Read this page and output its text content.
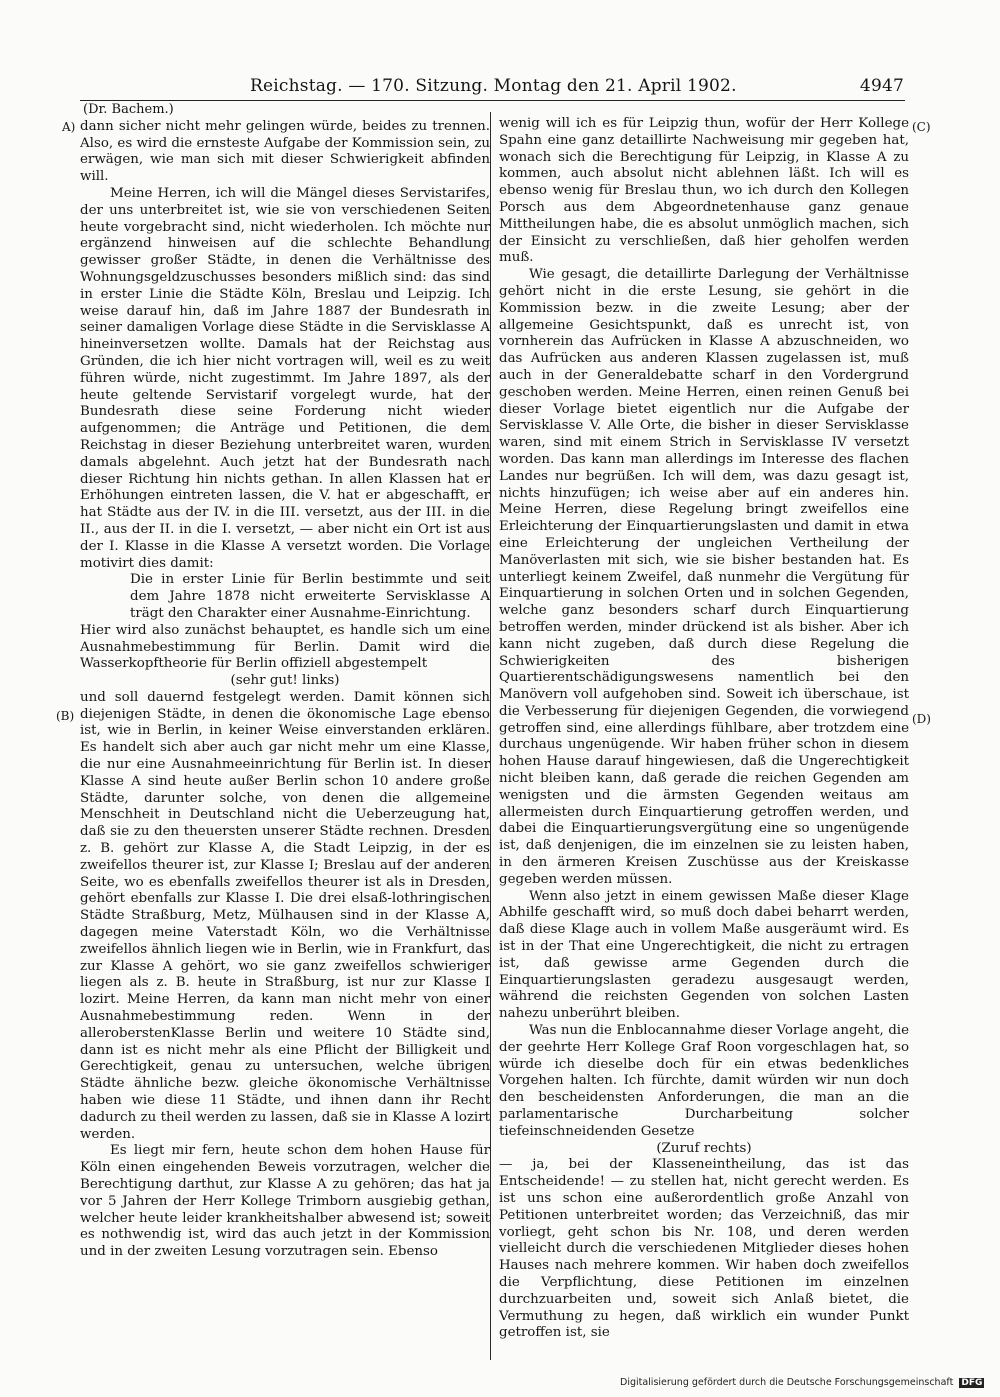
Reichstag. — 170. Sitzung. Montag den 21. April 1902.	4947
A)
(B)
(C)
(D)
(Dr. Bachem.)

dann sicher nicht mehr gelingen würde, beides zu trennen. Also, es wird die ernsteste Aufgabe der Kommission sein, zu erwägen, wie man sich mit dieser Schwierigkeit abfinden will.

Meine Herren, ich will die Mängel dieses Servistarifes, der uns unterbreitet ist, wie sie von verschiedenen Seiten heute vorgebracht sind, nicht wiederholen. Ich möchte nur ergänzend hinweisen auf die schlechte Behandlung gewisser großer Städte, in denen die Verhältnisse des Wohnungsgeldzuschusses besonders mißlich sind: das sind in erster Linie die Städte Köln, Breslau und Leipzig. Ich weise darauf hin, daß im Jahre 1887 der Bundesrath in seiner damaligen Vorlage diese Städte in die Servisklasse A hineinversetzen wollte. Damals hat der Reichstag aus Gründen, die ich hier nicht vortragen will, weil es zu weit führen würde, nicht zugestimmt. Im Jahre 1897, als der heute geltende Servistarif vorgelegt wurde, hat der Bundesrath diese seine Forderung nicht wieder aufgenommen; die Anträge und Petitionen, die dem Reichstag in dieser Beziehung unterbreitet waren, wurden damals abgelehnt. Auch jetzt hat der Bundesrath nach dieser Richtung hin nichts gethan. In allen Klassen hat er Erhöhungen eintreten lassen, die V. hat er abgeschafft, er hat Städte aus der IV. in die III. versetzt, aus der III. in die II., aus der II. in die I. versetzt, — aber nicht ein Ort ist aus der I. Klasse in die Klasse A versetzt worden. Die Vorlage motivirt dies damit:

Die in erster Linie für Berlin bestimmte und seit dem Jahre 1878 nicht erweiterte Servisklasse A trägt den Charakter einer Ausnahme-Einrichtung.

Hier wird also zunächst behauptet, es handle sich um eine Ausnahmebestimmung für Berlin. Damit wird die Wasserkopftheorie für Berlin offiziell abgestempelt

(sehr gut! links)

und soll dauernd festgelegt werden. Damit können sich diejenigen Städte, in denen die ökonomische Lage ebenso ist, wie in Berlin, in keiner Weise einverstanden erklären. Es handelt sich aber auch gar nicht mehr um eine Klasse, die nur eine Ausnahmeeinrichtung für Berlin ist. In dieser Klasse A sind heute außer Berlin schon 10 andere große Städte, darunter solche, von denen die allgemeine Menschheit in Deutschland nicht die Ueberzeugung hat, daß sie zu den theuersten unserer Städte rechnen. Dresden z. B. gehört zur Klasse A, die Stadt Leipzig, in der es zweifellos theurer ist, zur Klasse I; Breslau auf der anderen Seite, wo es ebenfalls zweifellos theurer ist als in Dresden, gehört ebenfalls zur Klasse I. Die drei elsaß-lothringischen Städte Straßburg, Metz, Mülhausen sind in der Klasse A, dagegen meine Vaterstadt Köln, wo die Verhältnisse zweifellos ähnlich liegen wie in Berlin, wie in Frankfurt, das zur Klasse A gehört, wo sie ganz zweifellos schwieriger liegen als z. B. heute in Straßburg, ist nur zur Klasse I lozirt. Meine Herren, da kann man nicht mehr von einer Ausnahmebestimmung reden. Wenn in der alleroberstenKlasse Berlin und weitere 10 Städte sind, dann ist es nicht mehr als eine Pflicht der Billigkeit und Gerechtigkeit, genau zu untersuchen, welche übrigen Städte ähnliche bezw. gleiche ökonomische Verhältnisse haben wie diese 11 Städte, und ihnen dann ihr Recht dadurch zu theil werden zu lassen, daß sie in Klasse A lozirt werden.

Es liegt mir fern, heute schon dem hohen Hause für Köln einen eingehenden Beweis vorzutragen, welcher die Berechtigung darthut, zur Klasse A zu gehören; das hat ja vor 5 Jahren der Herr Kollege Trimborn ausgiebig gethan, welcher heute leider krankheitshalber abwesend ist; soweit es nothwendig ist, wird das auch jetzt in der Kommission und in der zweiten Lesung vorzutragen sein. Ebenso

wenig will ich es für Leipzig thun, wofür der Herr Kollege Spahn eine ganz detaillirte Nachweisung mir gegeben hat, wonach sich die Berechtigung für Leipzig, in Klasse A zu kommen, auch absolut nicht ablehnen läßt. Ich will es ebenso wenig für Breslau thun, wo ich durch den Kollegen Porsch aus dem Abgeordnetenhause ganz genaue Mittheilungen habe, die es absolut unmöglich machen, sich der Einsicht zu verschließen, daß hier geholfen werden muß.

Wie gesagt, die detaillirte Darlegung der Verhältnisse gehört nicht in die erste Lesung, sie gehört in die Kommission bezw. in die zweite Lesung; aber der allgemeine Gesichtspunkt, daß es unrecht ist, von vornherein das Aufrücken in Klasse A abzuschneiden, wo das Aufrücken aus anderen Klassen zugelassen ist, muß auch in der Generaldebatte scharf in den Vordergrund geschoben werden. Meine Herren, einen reinen Genuß bei dieser Vorlage bietet eigentlich nur die Aufgabe der Servisklasse V. Alle Orte, die bisher in dieser Servisklasse waren, sind mit einem Strich in Servisklasse IV versetzt worden. Das kann man allerdings im Interesse des flachen Landes nur begrüßen. Ich will dem, was dazu gesagt ist, nichts hinzufügen; ich weise aber auf ein anderes hin. Meine Herren, diese Regelung bringt zweifellos eine Erleichterung der Einquartierungslasten und damit in etwa eine Erleichterung der ungleichen Vertheilung der Manöverlasten mit sich, wie sie bisher bestanden hat. Es unterliegt keinem Zweifel, daß nunmehr die Vergütung für Einquartierung in solchen Orten und in solchen Gegenden, welche ganz besonders scharf durch Einquartierung betroffen werden, minder drückend ist als bisher. Aber ich kann nicht zugeben, daß durch diese Regelung die Schwierigkeiten des bisherigen Quartierentschädigungswesens namentlich bei den Manövern voll aufgehoben sind. Soweit ich überschaue, ist die Verbesserung für diejenigen Gegenden, die vorwiegend getroffen sind, eine allerdings fühlbare, aber trotzdem eine durchaus ungenügende. Wir haben früher schon in diesem hohen Hause darauf hingewiesen, daß die Ungerechtigkeit nicht bleiben kann, daß gerade die reichen Gegenden am wenigsten und die ärmsten Gegenden weitaus am allermeisten durch Einquartierung getroffen werden, und dabei die Einquartierungsvergütung eine so ungenügende ist, daß denjenigen, die im einzelnen sie zu leisten haben, in den ärmeren Kreisen Zuschüsse aus der Kreiskasse gegeben werden müssen.

Wenn also jetzt in einem gewissen Maße dieser Klage Abhilfe geschafft wird, so muß doch dabei beharrt werden, daß diese Klage auch in vollem Maße ausgeräumt wird. Es ist in der That eine Ungerechtigkeit, die nicht zu ertragen ist, daß gewisse arme Gegenden durch die Einquartierungslasten geradezu ausgesaugt werden, während die reichsten Gegenden von solchen Lasten nahezu unberührt bleiben.

Was nun die Enblocannahme dieser Vorlage angeht, die der geehrte Herr Kollege Graf Roon vorgeschlagen hat, so würde ich dieselbe doch für ein etwas bedenkliches Vorgehen halten. Ich fürchte, damit würden wir nun doch den bescheidensten Anforderungen, die man an die parlamentarische Durcharbeitung solcher tiefeinschneidenden Gesetze

(Zuruf rechts)

— ja, bei der Klasseneintheilung, das ist das Entscheidende! — zu stellen hat, nicht gerecht werden. Es ist uns schon eine außerordentlich große Anzahl von Petitionen unterbreitet worden; das Verzeichniß, das mir vorliegt, geht schon bis Nr. 108, und deren werden vielleicht durch die verschiedenen Mitglieder dieses hohen Hauses nach mehrere kommen. Wir haben doch zweifellos die Verpflichtung, diese Petitionen im einzelnen durchzuarbeiten und, soweit sich Anlaß bietet, die Vermuthung zu hegen, daß wirklich ein wunder Punkt getroffen ist, sie

Digitalisierung gefördert durch die Deutsche Forschungsgemeinschaft DFG
